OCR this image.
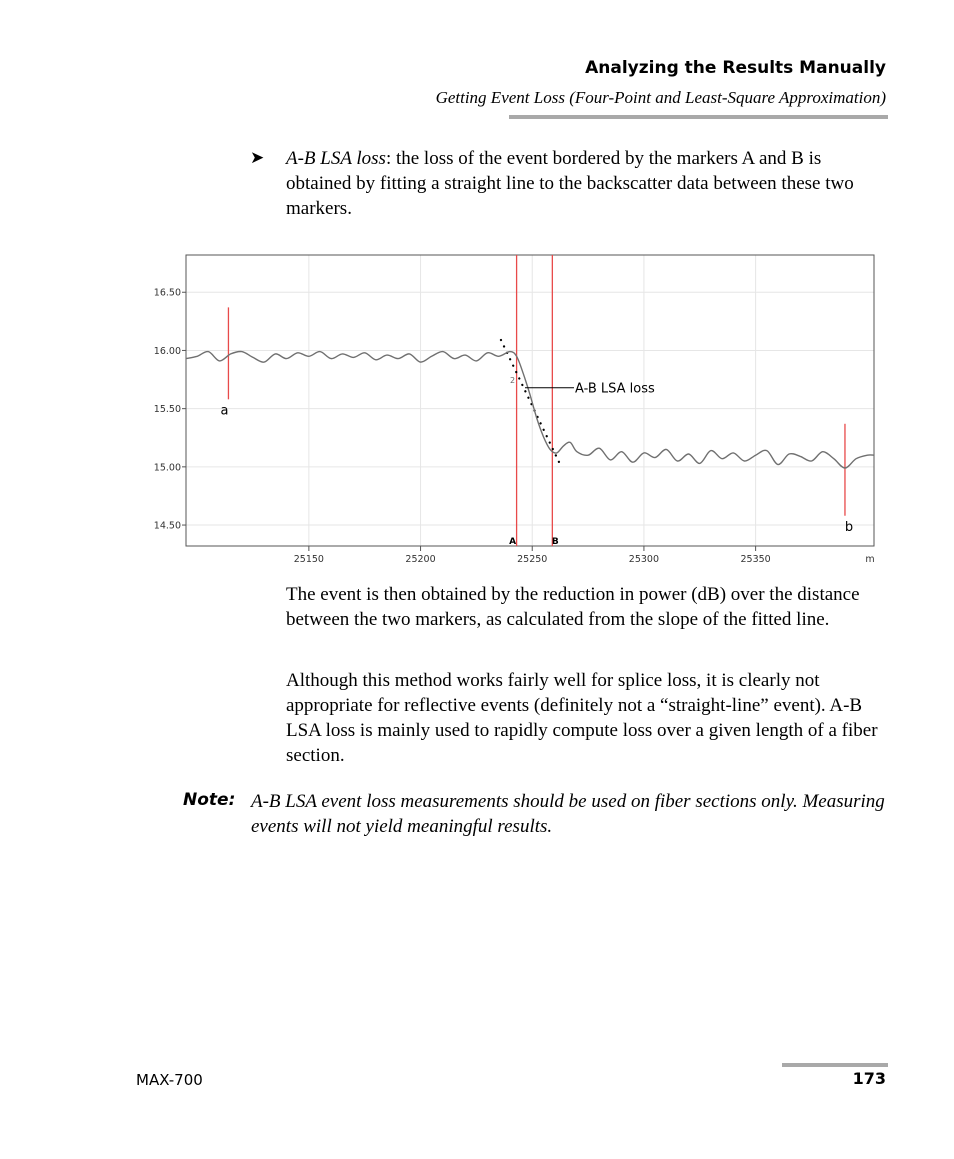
Analyzing the Results Manually
Getting Event Loss (Four-Point and Least-Square Approximation)
➤ A-B LSA loss: the loss of the event bordered by the markers A and B is obtained by fitting a straight line to the backscatter data between these two markers.
25150	25200	25250	25300	25350	m
14.50
15.00
15.50
16.00
16.50
a
A	B
b
2
A-B LSA loss

The event is then obtained by the reduction in power (dB) over the distance between the two markers, as calculated from the slope of the fitted line.

Although this method works fairly well for splice loss, it is clearly not appropriate for reflective events (definitely not a “straight-line” event). A-B LSA loss is mainly used to rapidly compute loss over a given length of a fiber section.

Note: A-B LSA event loss measurements should be used on fiber sections only. Measuring events will not yield meaningful results.

MAX-700	173
